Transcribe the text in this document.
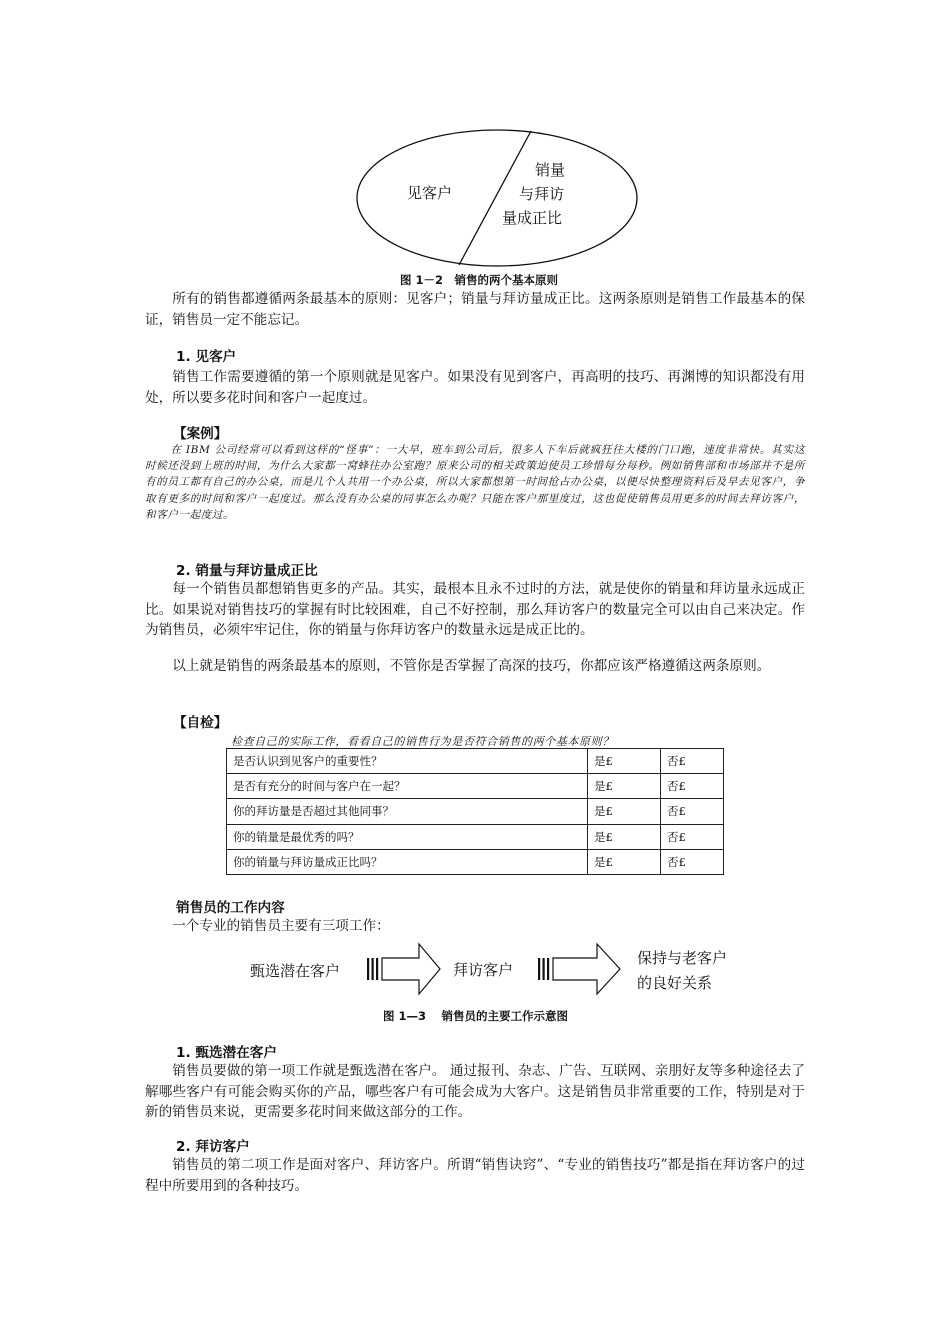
见客户
销量
与拜访
量成正比
图 1－2　销售的两个基本原则
所有的销售都遵循两条最基本的原则：见客户；销量与拜访量成正比。这两条原则是销售工作最基本的保证，销售员一定不能忘记。
1. 见客户
销售工作需要遵循的第一个原则就是见客户。如果没有见到客户，再高明的技巧、再渊博的知识都没有用处，所以要多花时间和客户一起度过。
【案例】
在 IBM 公司经常可以看到这样的“怪事”：一大早，班车到公司后，很多人下车后就疯狂往大楼的门口跑，速度非常快。其实这时候还没到上班的时间，为什么大家都一窝蜂往办公室跑？原来公司的相关政策迫使员工珍惜每分每秒。例如销售部和市场部并不是所有的员工都有自己的办公桌，而是几个人共用一个办公桌，所以大家都想第一时间抢占办公桌，以便尽快整理资料后及早去见客户，争取有更多的时间和客户一起度过。那么没有办公桌的同事怎么办呢？只能在客户那里度过，这也促使销售员用更多的时间去拜访客户，和客户一起度过。
2. 销量与拜访量成正比
每一个销售员都想销售更多的产品。其实，最根本且永不过时的方法，就是使你的销量和拜访量永远成正比。如果说对销售技巧的掌握有时比较困难，自己不好控制，那么拜访客户的数量完全可以由自己来决定。作为销售员，必须牢牢记住，你的销量与你拜访客户的数量永远是成正比的。
以上就是销售的两条最基本的原则，不管你是否掌握了高深的技巧，你都应该严格遵循这两条原则。
【自检】
检查自己的实际工作，看看自己的销售行为是否符合销售的两个基本原则？
是否认识到见客户的重要性？	是£	否£
是否有充分的时间与客户在一起？	是£	否£
你的拜访量是否超过其他同事？	是£	否£
你的销量是最优秀的吗？	是£	否£
你的销量与拜访量成正比吗？	是£	否£
销售员的工作内容
一个专业的销售员主要有三项工作：
甄选潜在客户	拜访客户
保持与老客户
的良好关系
图 1—3　 销售员的主要工作示意图
1. 甄选潜在客户
销售员要做的第一项工作就是甄选潜在客户。 通过报刊、杂志、广告、互联网、亲朋好友等多种途径去了解哪些客户有可能会购买你的产品，哪些客户有可能会成为大客户。这是销售员非常重要的工作，特别是对于新的销售员来说，更需要多花时间来做这部分的工作。
2. 拜访客户
销售员的第二项工作是面对客户、拜访客户。所谓“销售诀窍”、“专业的销售技巧”都是指在拜访客户的过程中所要用到的各种技巧。
